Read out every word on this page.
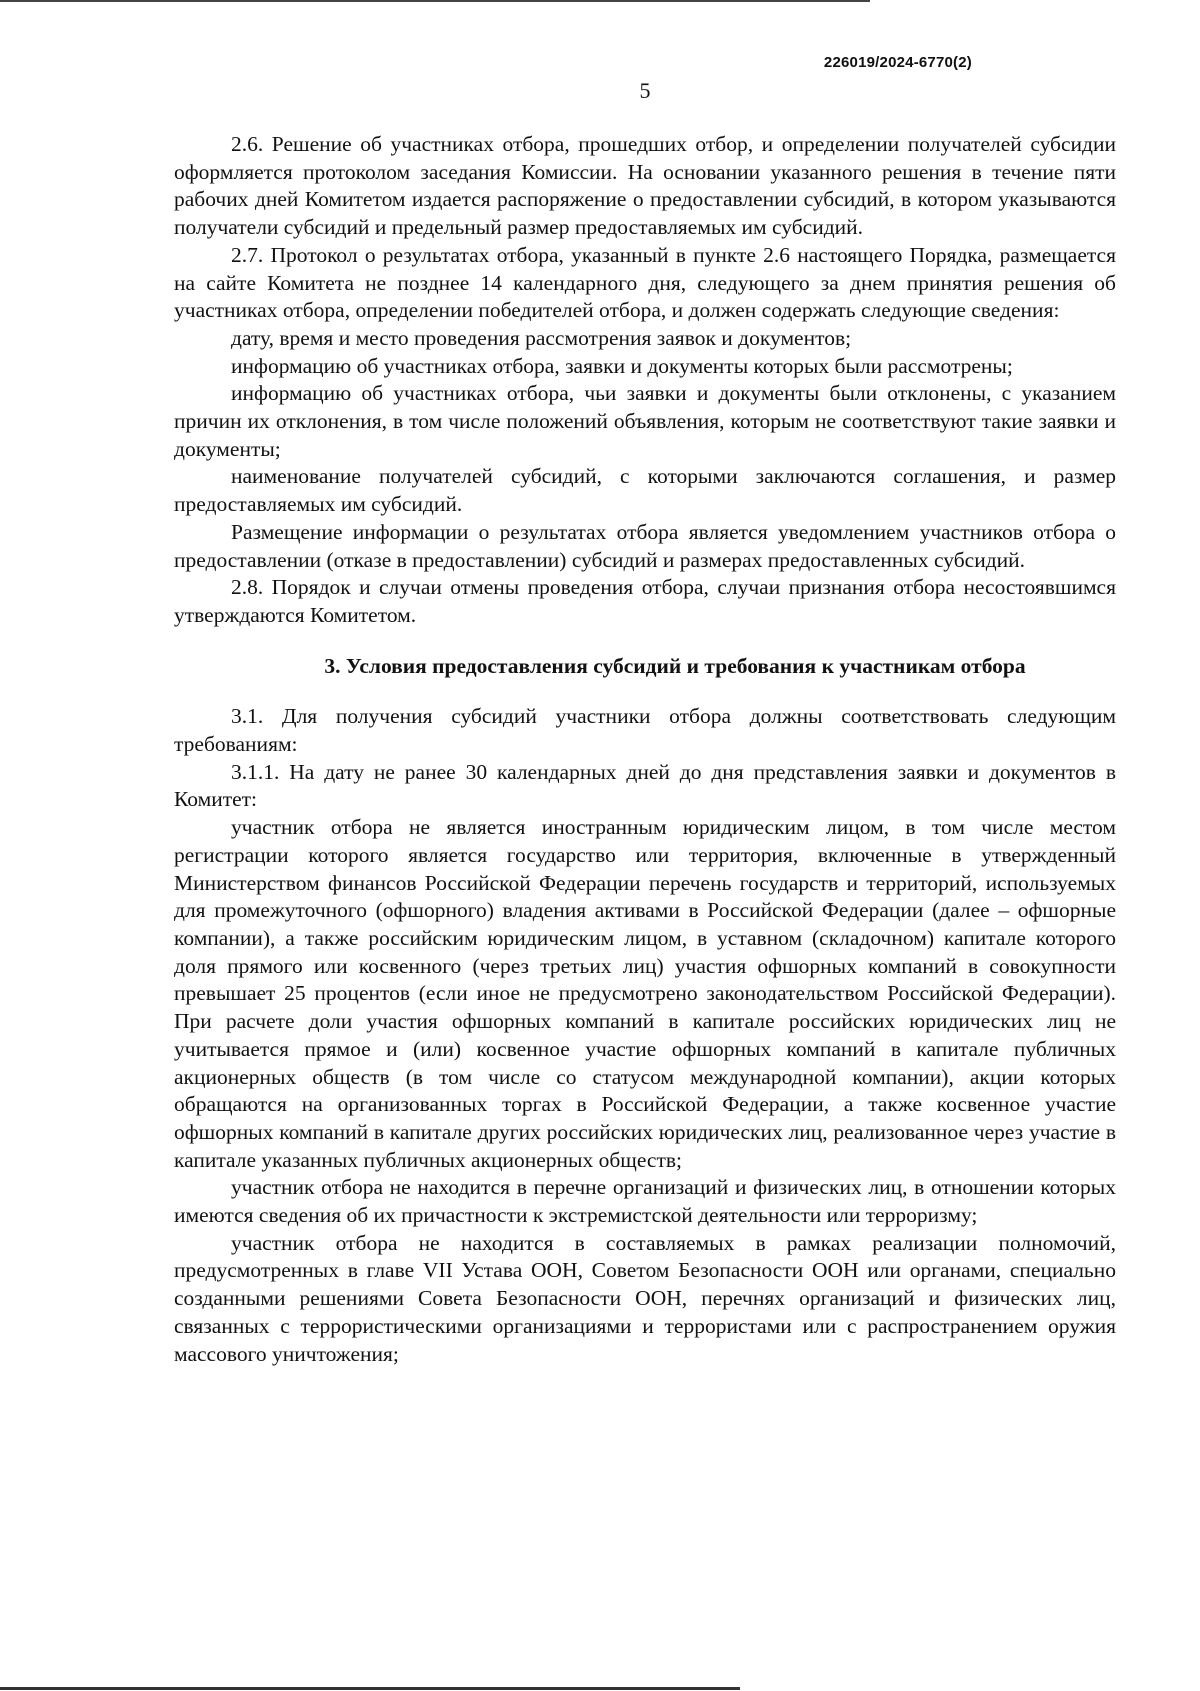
226019/2024-6770(2)
5

2.6. Решение об участниках отбора, прошедших отбор, и определении получателей субсидии оформляется протоколом заседания Комиссии. На основании указанного решения в течение пяти рабочих дней Комитетом издается распоряжение о предоставлении субсидий, в котором указываются получатели субсидий и предельный размер предоставляемых им субсидий.

2.7. Протокол о результатах отбора, указанный в пункте 2.6 настоящего Порядка, размещается на сайте Комитета не позднее 14 календарного дня, следующего за днем принятия решения об участниках отбора, определении победителей отбора, и должен содержать следующие сведения:

дату, время и место проведения рассмотрения заявок и документов;

информацию об участниках отбора, заявки и документы которых были рассмотрены;

информацию об участниках отбора, чьи заявки и документы были отклонены, с указанием причин их отклонения, в том числе положений объявления, которым не соответствуют такие заявки и документы;

наименование получателей субсидий, с которыми заключаются соглашения, и размер предоставляемых им субсидий.

Размещение информации о результатах отбора является уведомлением участников отбора о предоставлении (отказе в предоставлении) субсидий и размерах предоставленных субсидий.

2.8. Порядок и случаи отмены проведения отбора, случаи признания отбора несостоявшимся утверждаются Комитетом.

3. Условия предоставления субсидий и требования к участникам отбора

3.1. Для получения субсидий участники отбора должны соответствовать следующим требованиям:

3.1.1. На дату не ранее 30 календарных дней до дня представления заявки и документов в Комитет:

участник отбора не является иностранным юридическим лицом, в том числе местом регистрации которого является государство или территория, включенные в утвержденный Министерством финансов Российской Федерации перечень государств и территорий, используемых для промежуточного (офшорного) владения активами в Российской Федерации (далее – офшорные компании), а также российским юридическим лицом, в уставном (складочном) капитале которого доля прямого или косвенного (через третьих лиц) участия офшорных компаний в совокупности превышает 25 процентов (если иное не предусмотрено законодательством Российской Федерации). При расчете доли участия офшорных компаний в капитале российских юридических лиц не учитывается прямое и (или) косвенное участие офшорных компаний в капитале публичных акционерных обществ (в том числе со статусом международной компании), акции которых обращаются на организованных торгах в Российской Федерации, а также косвенное участие офшорных компаний в капитале других российских юридических лиц, реализованное через участие в капитале указанных публичных акционерных обществ;

участник отбора не находится в перечне организаций и физических лиц, в отношении которых имеются сведения об их причастности к экстремистской деятельности или терроризму;

участник отбора не находится в составляемых в рамках реализации полномочий, предусмотренных в главе VII Устава ООН, Советом Безопасности ООН или органами, специально созданными решениями Совета Безопасности ООН, перечнях организаций и физических лиц, связанных с террористическими организациями и террористами или с распространением оружия массового уничтожения;
